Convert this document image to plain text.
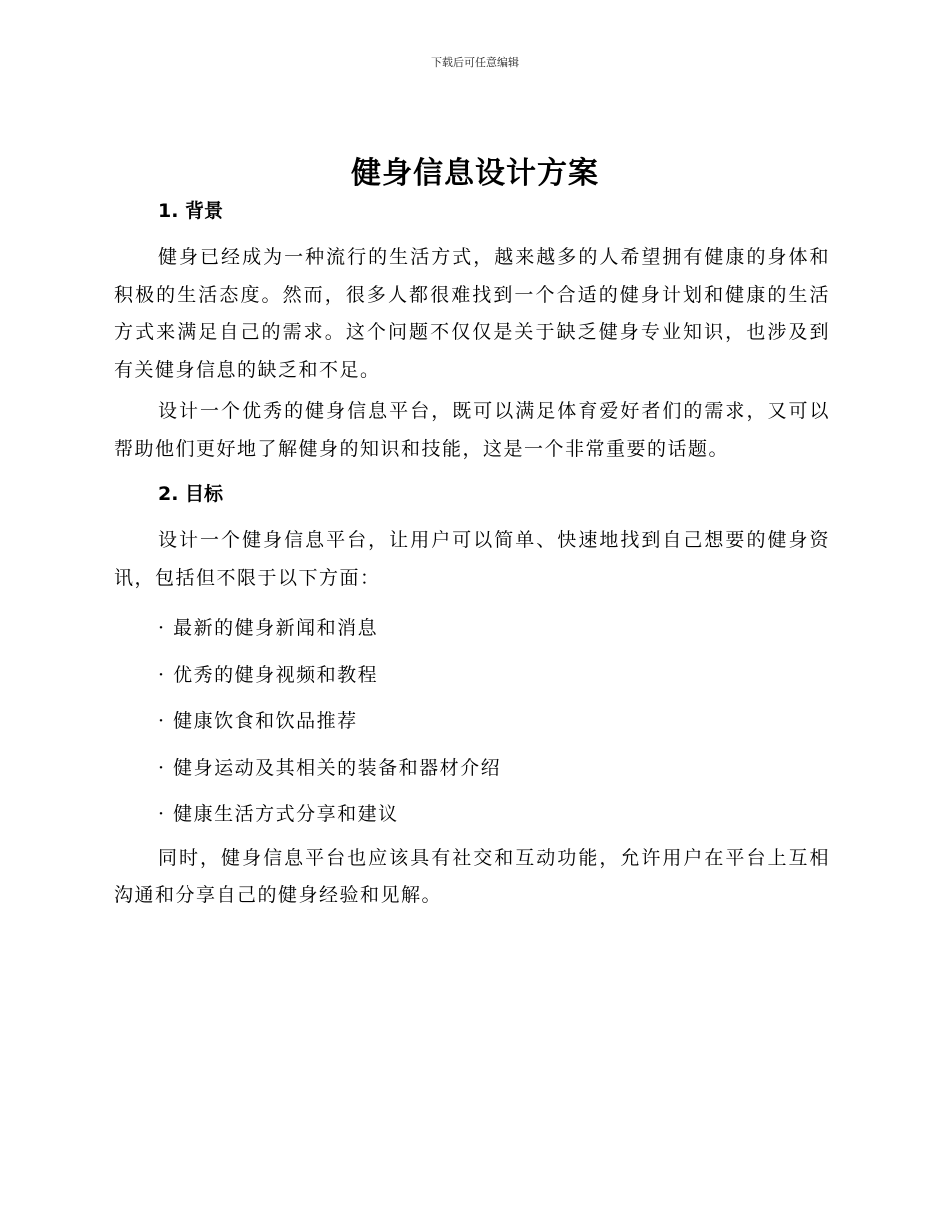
下载后可任意编辑
健身信息设计方案
1. 背景
健身已经成为一种流行的生活方式，越来越多的人希望拥有健康的身体和积极的生活态度。然而，很多人都很难找到一个合适的健身计划和健康的生活方式来满足自己的需求。这个问题不仅仅是关于缺乏健身专业知识，也涉及到有关健身信息的缺乏和不足。
设计一个优秀的健身信息平台，既可以满足体育爱好者们的需求，又可以帮助他们更好地了解健身的知识和技能，这是一个非常重要的话题。
2. 目标
设计一个健身信息平台，让用户可以简单、快速地找到自己想要的健身资讯，包括但不限于以下方面：
· 最新的健身新闻和消息
· 优秀的健身视频和教程
· 健康饮食和饮品推荐
· 健身运动及其相关的装备和器材介绍
· 健康生活方式分享和建议
同时，健身信息平台也应该具有社交和互动功能，允许用户在平台上互相沟通和分享自己的健身经验和见解。
